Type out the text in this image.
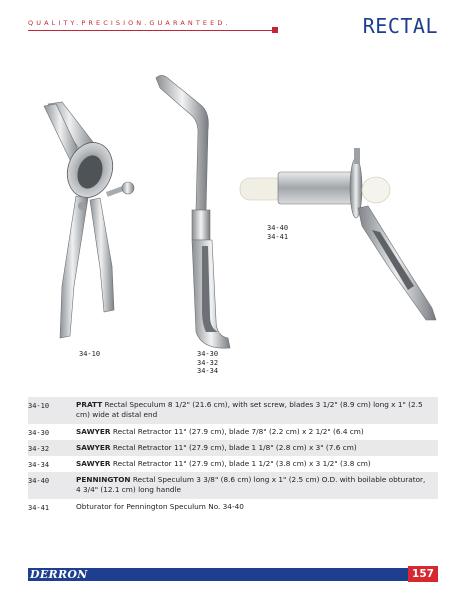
QUALITY.PRECISION.GUARANTEED.	RECTAL
34-10	34-30
34-32
34-34
34-40
34-41
34-10	PRATT Rectal Speculum 8 1/2" (21.6 cm), with set screw, blades 3 1/2" (8.9 cm) long x 1" (2.5 cm) wide at distal end
34-30	SAWYER Rectal Retractor 11" (27.9 cm), blade 7/8" (2.2 cm) x 2 1/2" (6.4 cm)
34-32	SAWYER Rectal Retractor 11" (27.9 cm), blade 1 1/8" (2.8 cm) x 3" (7.6 cm)
34-34	SAWYER Rectal Retractor 11" (27.9 cm), blade 1 1/2" (3.8 cm) x 3 1/2" (3.8 cm)
34-40	PENNINGTON Rectal Speculum 3 3/8" (8.6 cm) long x 1" (2.5 cm) O.D. with boilable obturator, 4 3/4" (12.1 cm) long handle
34-41	Obturator for Pennington Speculum No. 34-40
DERRON	157
